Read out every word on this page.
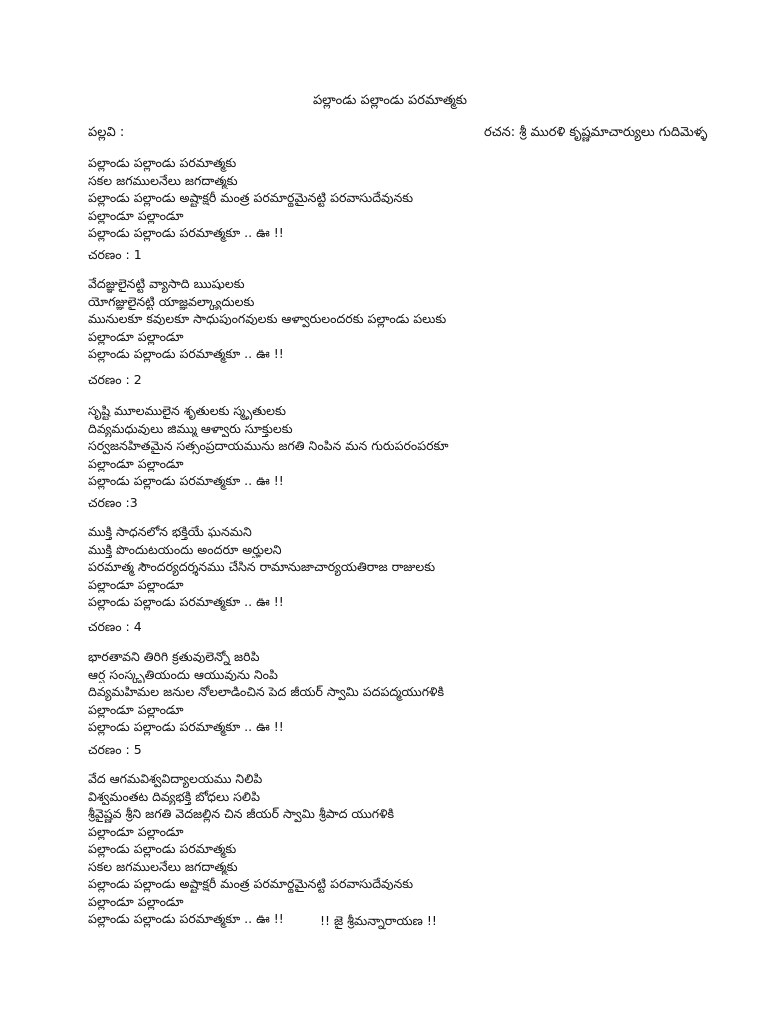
పల్లాండు పల్లాండు పరమాత్మకు
పల్లవి :	రచన: శ్రీ మురళి కృష్ణమాచార్యులు గుదిమెళ్ళ
పల్లాండు పల్లాండు పరమాత్మకు
సకల జగములనేలు జగదాత్మకు
పల్లాండు పల్లాండు అష్టాక్షరీ మంత్ర పరమార్థమైనట్టి పరవాసుదేవునకు
పల్లాండూ పల్లాండూ
పల్లాండు పల్లాండు పరమాత్మకూ .. ఊ !!
చరణం : 1
వేదజ్ఞులైనట్టి వ్యాసాది ఋషులకు
యోగజ్ఞులైనట్టి యాజ్ఞవల్క్యాదులకు
మునులకూ కవులకూ సాధుపుంగవులకు ఆళ్వారులందరకు పల్లాండు పలుకు
పల్లాండూ పల్లాండూ
పల్లాండు పల్లాండు పరమాత్మకూ .. ఊ !!
చరణం : 2
సృష్టి మూలములైన శృతులకు స్మృతులకు
దివ్యమధువులు జిమ్ము ఆళ్వారు సూక్తులకు
సర్వజనహితమైన సత్సంప్రదాయమును జగతి నింపిన మన గురుపరంపరకూ
పల్లాండూ పల్లాండూ
పల్లాండు పల్లాండు పరమాత్మకూ .. ఊ !!
చరణం :3
ముక్తి సాధనలోన భక్తియే ఘనమని
ముక్తి పొందుటయందు అందరూ అర్హులని
పరమాత్మ సౌందర్యదర్శనము చేసిన రామానుజాచార్యయతిరాజ రాజులకు
పల్లాండూ పల్లాండూ
పల్లాండు పల్లాండు పరమాత్మకూ .. ఊ !!
చరణం : 4
భారతావని తిరిగి క్రతువులెన్నో జరిపి
ఆర్ష సంస్కృతియందు ఆయువును నింపి
దివ్యమహిమల జనుల నోలలాడించిన పెద జీయర్ స్వామి పదపద్మయుగళికి
పల్లాండూ పల్లాండూ
పల్లాండు పల్లాండు పరమాత్మకూ .. ఊ !!
చరణం : 5
వేద ఆగమవిశ్వవిద్యాలయము నిలిపి
విశ్వమంతట దివ్యభక్తి బోధలు సలిపి
శ్రీవైష్ణవ శ్రీని జగతి వెదజల్లిన చిన జీయర్ స్వామి శ్రీపాద యుగళికి
పల్లాండూ పల్లాండూ
పల్లాండు పల్లాండు పరమాత్మకు
సకల జగములనేలు జగదాత్మకు
పల్లాండు పల్లాండు అష్టాక్షరీ మంత్ర పరమార్థమైనట్టి పరవాసుదేవునకు
పల్లాండూ పల్లాండూ
పల్లాండు పల్లాండు పరమాత్మకూ .. ఊ !!	!! జై శ్రీమన్నారాయణ !!
